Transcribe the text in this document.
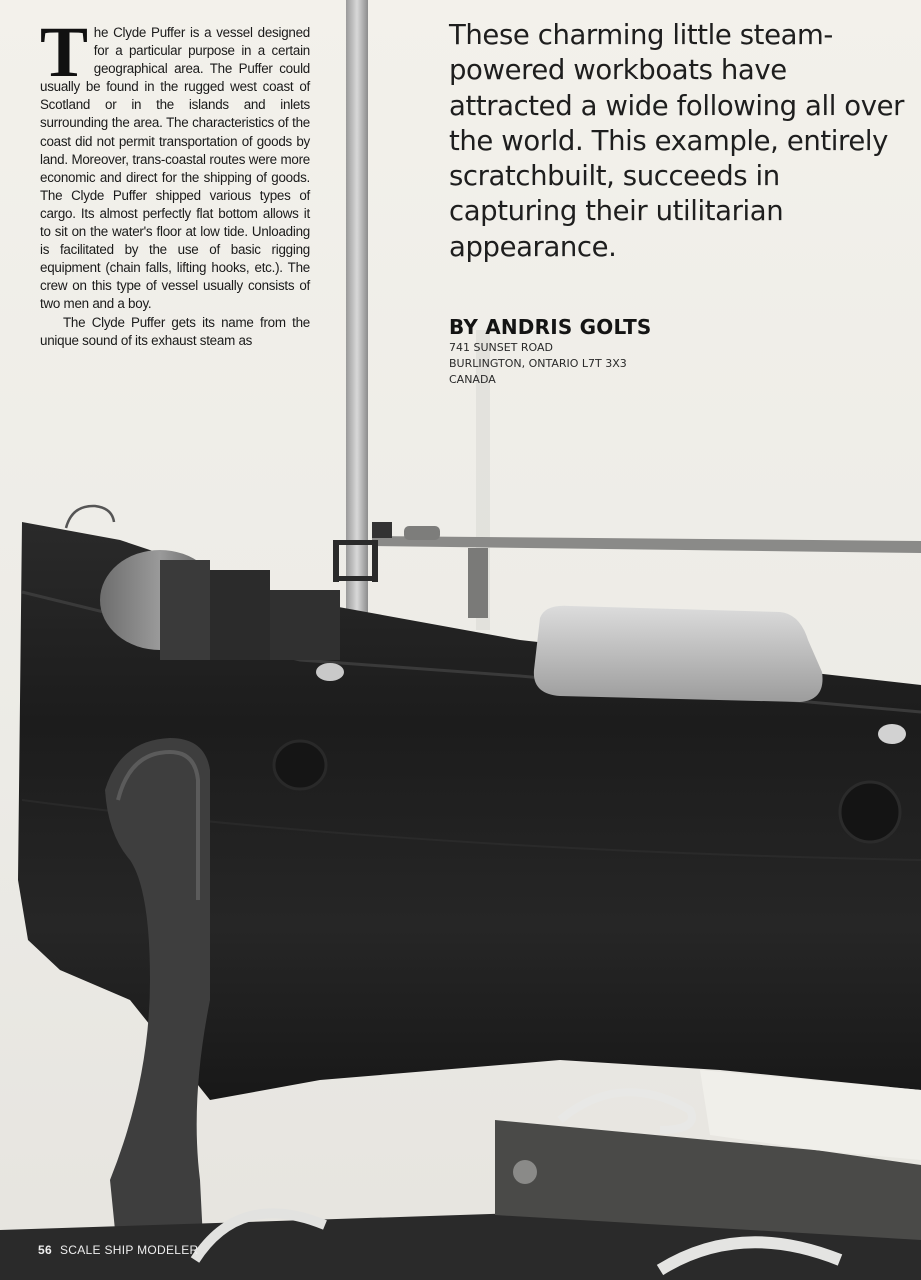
T he Clyde Puffer is a vessel designed for a particular purpose in a certain geographical area. The Puffer could usually be found in the rugged west coast of Scotland or in the islands and inlets surrounding the area. The characteristics of the coast did not permit transportation of goods by land. Moreover, trans-coastal routes were more economic and direct for the shipping of goods. The Clyde Puffer shipped various types of cargo. Its almost perfectly flat bottom allows it to sit on the water's floor at low tide. Unloading is facilitated by the use of basic rigging equipment (chain falls, lifting hooks, etc.). The crew on this type of vessel usually consists of two men and a boy.

The Clyde Puffer gets its name from the unique sound of its exhaust steam as

These charming little steam-powered workboats have attracted a wide following all over the world. This example, entirely scratchbuilt, succeeds in capturing their utilitarian appearance.
BY ANDRIS GOLTS
741 SUNSET ROAD
BURLINGTON, ONTARIO L7T 3X3
CANADA
56 SCALE SHIP MODELER
